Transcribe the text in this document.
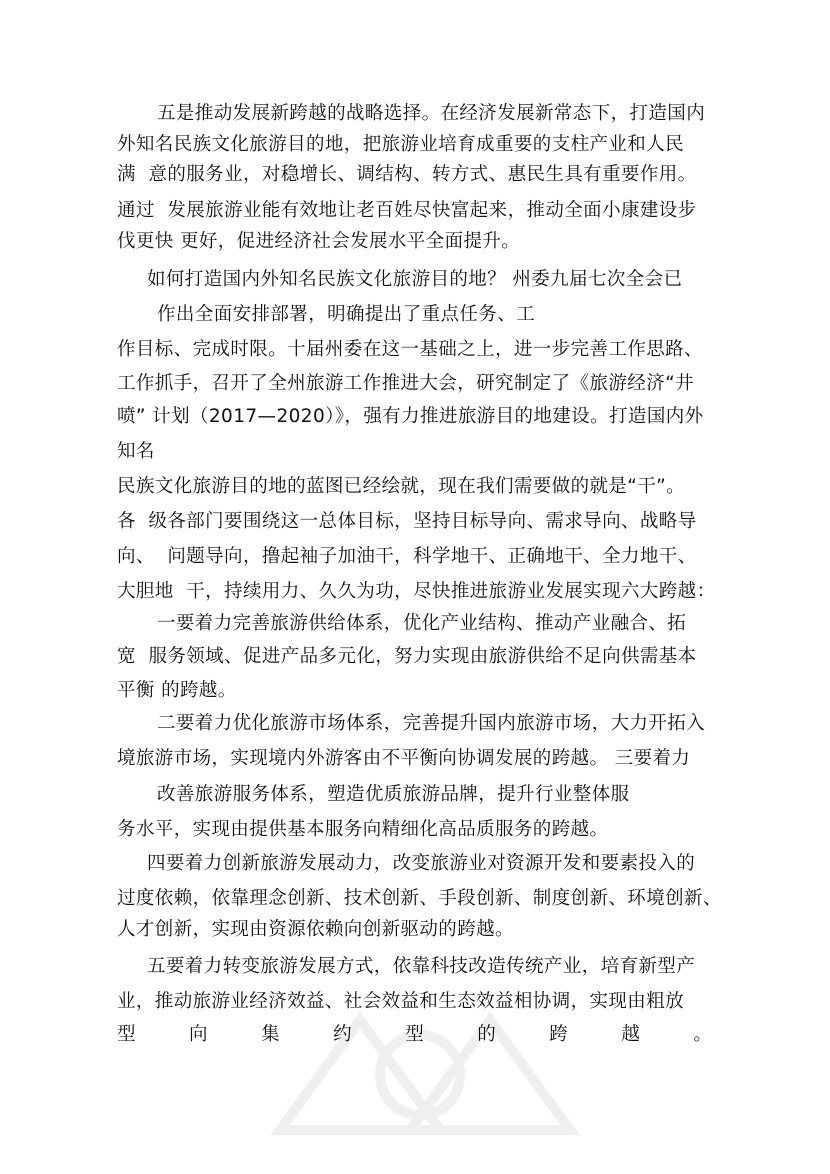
五是推动发展新跨越的战略选择。在经济发展新常态下，打造国内
外知名民族文化旅游目的地，把旅游业培育成重要的支柱产业和人民
满  意的服务业，对稳增长、调结构、转方式、惠民生具有重要作用。
通过  发展旅游业能有效地让老百姓尽快富起来，推动全面小康建设步
伐更快 更好，促进经济社会发展水平全面提升。
如何打造国内外知名民族文化旅游目的地？ 州委九届七次全会已
作出全面安排部署，明确提出了重点任务、工
作目标、完成时限。十届州委在这一基础之上，进一步完善工作思路、
工作抓手，召开了全州旅游工作推进大会，研究制定了《旅游经济“井
喷” 计划（2017—2020）》，强有力推进旅游目的地建设。打造国内外
知名
民族文化旅游目的地的蓝图已经绘就，现在我们需要做的就是“干”。
各  级各部门要围绕这一总体目标，坚持目标导向、需求导向、战略导
向、  问题导向，撸起袖子加油干，科学地干、正确地干、全力地干、
大胆地  干，持续用力、久久为功，尽快推进旅游业发展实现六大跨越：
一要着力完善旅游供给体系，优化产业结构、推动产业融合、拓
宽  服务领域、促进产品多元化，努力实现由旅游供给不足向供需基本
平衡 的跨越。
二要着力优化旅游市场体系，完善提升国内旅游市场，大力开拓入
境旅游市场，实现境内外游客由不平衡向协调发展的跨越。 三要着力
改善旅游服务体系，塑造优质旅游品牌，提升行业整体服
务水平，实现由提供基本服务向精细化高品质服务的跨越。
四要着力创新旅游发展动力，改变旅游业对资源开发和要素投入的
过度依赖，依靠理念创新、技术创新、手段创新、制度创新、环境创新、
人才创新，实现由资源依赖向创新驱动的跨越。
五要着力转变旅游发展方式，依靠科技改造传统产业，培育新型产
业，推动旅游业经济效益、社会效益和生态效益相协调，实现由粗放
型	向	集	约	型	的	跨	越	。
